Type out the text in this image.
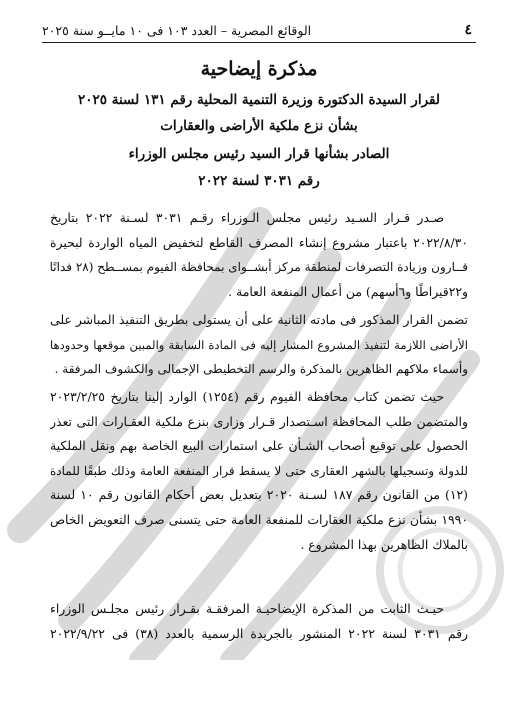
٤
الوقائع المصرية – العدد ١٠٣ فى ١٠ مايــو سنة ٢٠٢٥
مذكرة إيضاحية
لقرار السيدة الدكتورة وزيرة التنمية المحلية رقم ١٣١ لسنة ٢٠٢٥
بشأن نزع ملكية الأراضى والعقارات
الصادر بشأنها قرار السيد رئيس مجلس الوزراء
رقم ٣٠٣١ لسنة ٢٠٢٢
صـدر قـرار السـيد رئيس مجلس الـوزراء رقـم ٣٠٣١ لسـنة ٢٠٢٢ بتاريخ
٢٠٢٢/٨/٣٠ باعتبار مشروع إنشاء المصرف القاطع لتخفيض المياه الواردة لبحيرة
قــارون وزيادة التصرفات لمنطقة مركز أبشــواى بمحافظة الفيوم بمســطح (٢٨ فدانًا
و٢٢قيراطًا و٦أسهم) من أعمال المنفعة العامة .
تضمن القرار المذكور فى مادته الثانية على أن يستولى بطريق التنفيذ المباشر على
الأراضى اللازمة لتنفيذ المشروع المشار إليه فى المادة السابقة والمبين موقعها وحدودها
وأسماء ملاكهم الظاهرين بالمذكرة والرسم التخطيطى الإجمالى والكشوف المرفقة .
حيث تضمن كتاب محافظة الفيوم رقم (١٢٥٤) الوارد إلينا بتاريخ ٢٠٢٣/٢/٢٥
والمتضمن طلب المحافظة اسـتصدار قـرار وزارى بنزع ملكية العقـارات التى تعذر
الحصول على توقيع أصحاب الشـأن على استمارات البيع الخاصة بهم ونقل الملكية
للدولة وتسجيلها بالشهر العقارى حتى لا يسقط قرار المنفعة العامة وذلك طبقًا للمادة
(١٢) من القانون رقم ١٨٧ لسـنة ٢٠٢٠ بتعديل بعض أحكام القانون رقم ١٠ لسنة
١٩٩٠ بشأن نزع ملكية العقارات للمنفعة العامة حتى يتسنى صرف التعويض الخاص
بالملاك الظاهرين بهذا المشروع .
حيـث الثابت من المذكرة الإيضاحيـة المرفقـة بقـرار رئيس مجلـس الوزراء
رقم ٣٠٣١ لسنة ٢٠٢٢ المنشور بالجريدة الرسمية بالعدد (٣٨) فى ٢٠٢٢/٩/٢٢
